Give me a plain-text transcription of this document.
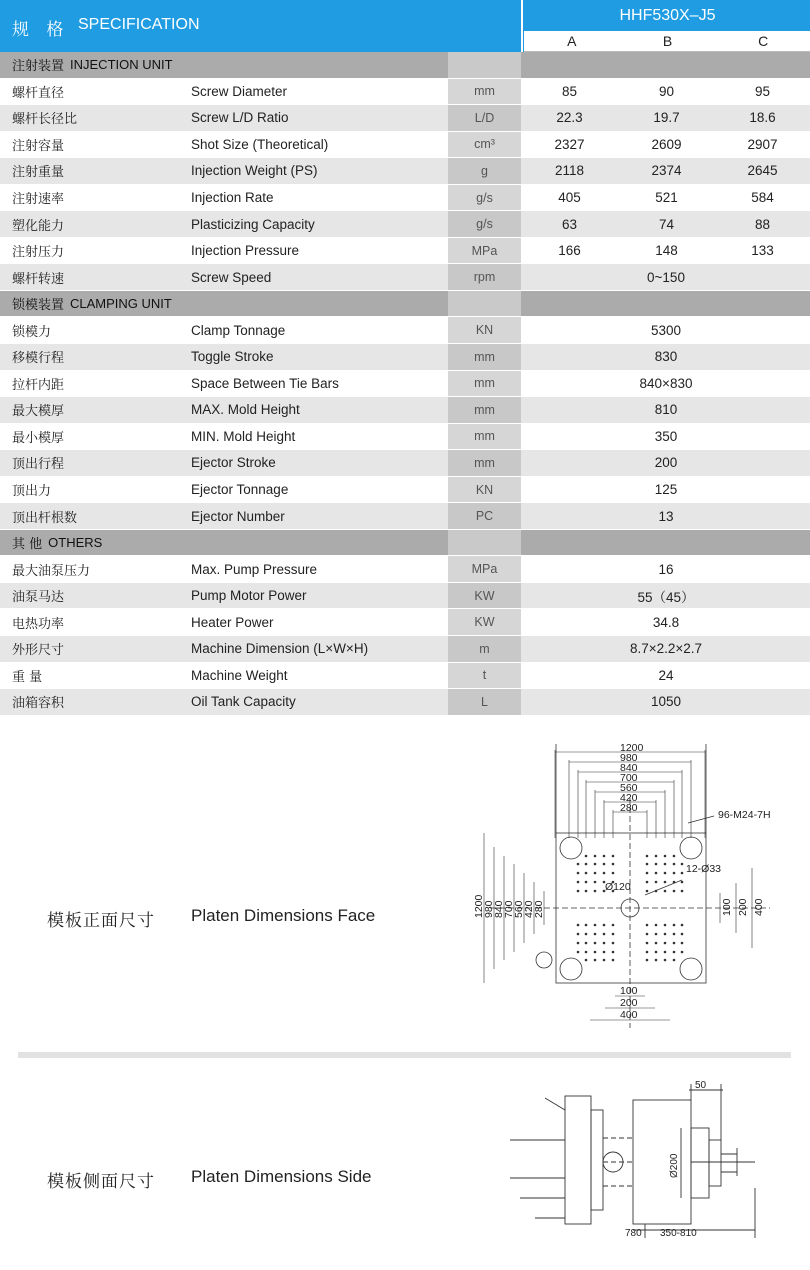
规 格 SPECIFICATION
HHF530X–J5
A	B	C
注射装置 INJECTION UNIT
螺杆直径	Screw Diameter	mm	85	90	95
螺杆长径比	Screw L/D Ratio	L/D	22.3	19.7	18.6
注射容量	Shot Size (Theoretical)	cm³	2327	2609	2907
注射重量	Injection Weight (PS)	g	2118	2374	2645
注射速率	Injection Rate	g/s	405	521	584
塑化能力	Plasticizing Capacity	g/s	63	74	88
注射压力	Injection Pressure	MPa	166	148	133
螺杆转速	Screw Speed	rpm	0~150
锁模装置 CLAMPING UNIT
锁模力	Clamp Tonnage	KN	5300
移模行程	Toggle Stroke	mm	830
拉杆内距	Space Between Tie Bars	mm	840×830
最大模厚	MAX. Mold Height	mm	810
最小模厚	MIN. Mold Height	mm	350
顶出行程	Ejector Stroke	mm	200
顶出力	Ejector Tonnage	KN	125
顶出杆根数	Ejector Number	PC	13
其 他 OTHERS
最大油泵压力	Max. Pump Pressure	MPa	16
油泵马达	Pump Motor Power	KW	55（45）
电热功率	Heater Power	KW	34.8
外形尺寸	Machine Dimension (L×W×H)	m	8.7×2.2×2.7
重 量	Machine Weight	t	24
油箱容积	Oil Tank Capacity	L	1050
模板正面尺寸 Platen Dimensions Face
1200
980
840
700
560
420
280
1200
980
840
700
560
420
280
100
200
400
100 200 400
96-M24-7H
12-Ø33
Ø120
模板侧面尺寸 Platen Dimensions Side
50
Ø200
780 350-810
